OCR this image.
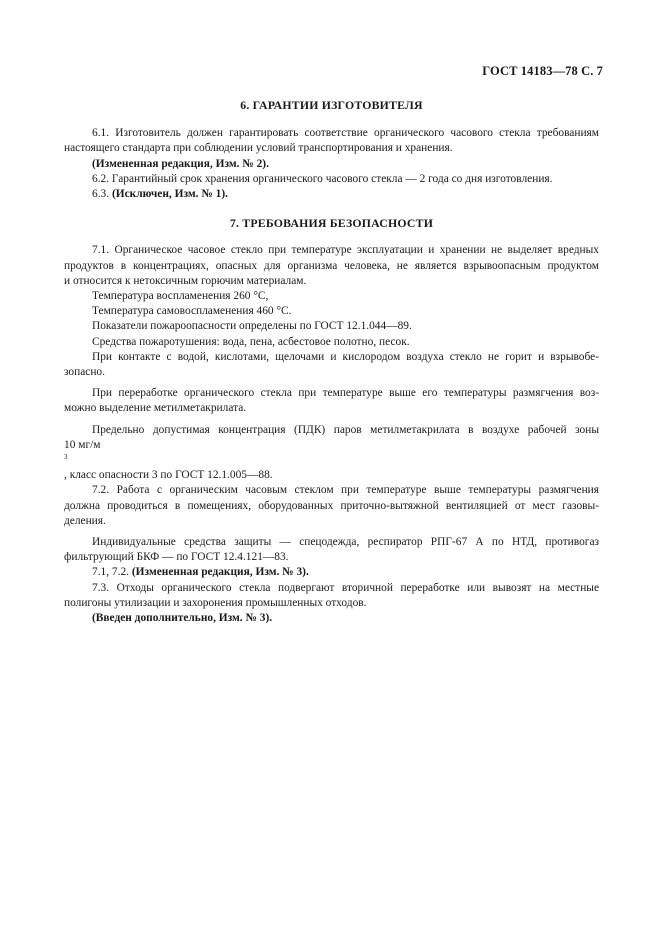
ГОСТ 14183—78 С. 7
6. ГАРАНТИИ ИЗГОТОВИТЕЛЯ
6.1. Изготовитель должен гарантировать соответствие органического часового стекла требованиям
настоящего стандарта при соблюдении условий транспортирования и хранения.
(Измененная редакция, Изм. № 2).
6.2. Гарантийный срок хранения органического часового стекла — 2 года со дня изготовления.
6.3. (Исключен, Изм. № 1).
7. ТРЕБОВАНИЯ БЕЗОПАСНОСТИ
7.1. Органическое часовое стекло при температуре эксплуатации и хранении не выделяет вредных
продуктов в концентрациях, опасных для организма человека, не является взрывоопасным продуктом
и относится к нетоксичным горючим материалам.
Температура воспламенения 260 °С,
Температура самовоспламенения 460 °С.
Показатели пожароопасности определены по ГОСТ 12.1.044—89.
Средства пожаротушения: вода, пена, асбестовое полотно, песок.
При контакте с водой, кислотами, щелочами и кислородом воздуха стекло не горит и взрывобе-
зопасно.
При переработке органического стекла при температуре выше его температуры размягчения воз-
можно выделение метилметакрилата.
Предельно допустимая концентрация (ПДК) паров метилметакрилата в воздухе рабочей зоны
10 мг/м
$^3$
, класс опасности 3 по ГОСТ 12.1.005—88.
7.2. Работа с органическим часовым стеклом при температуре выше температуры размягчения
должна проводиться в помещениях, оборудованных приточно-вытяжной вентиляцией от мест газовы-
деления.
Индивидуальные средства защиты — спецодежда, респиратор РПГ-67 А по НТД, противогаз
фильтрующий БКФ — по ГОСТ 12.4.121—83.
7.1, 7.2. (Измененная редакция, Изм. № 3).
7.3. Отходы органического стекла подвергают вторичной переработке или вывозят на местные
полигоны утилизации и захоронения промышленных отходов.
(Введен дополнительно, Изм. № 3).
